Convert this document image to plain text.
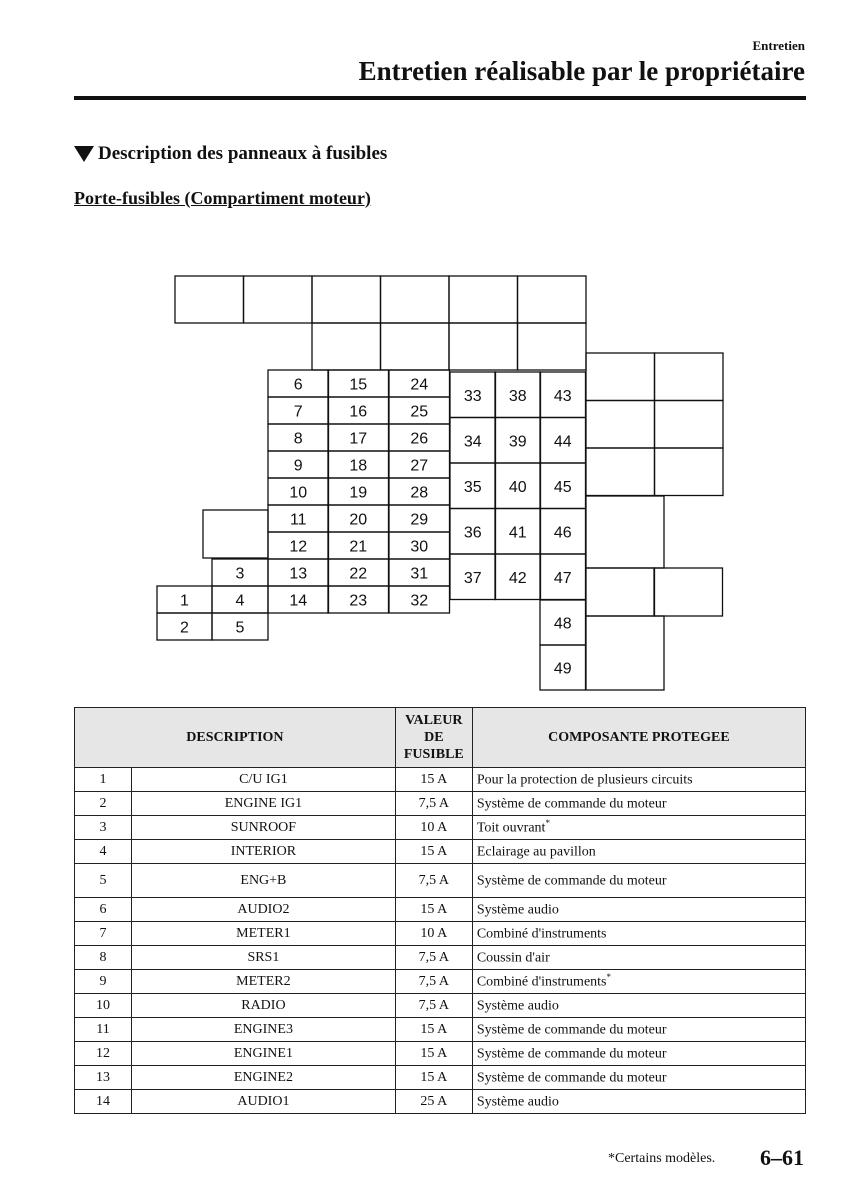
Entretien
Entretien réalisable par le propriétaire
Description des panneaux à fusibles
Porte-fusibles (Compartiment moteur)
6	15	24
7	16	25
8	17	26
9	18	27
10	19	28
11	20	29
12	21	30
13	22	31
14	23	32
33 38 43
34 39 44
35 40 45
36 41 46
37 42 47
48
49
1
2
3
4
5
DESCRIPTION		VALEUR
DE
FUSIBLE	COMPOSANTE PROTEGEE
1	C/U IG1	15 A	Pour la protection de plusieurs circuits
2	ENGINE IG1	7,5 A	Système de commande du moteur
3	SUNROOF	10 A	Toit ouvrant*
4	INTERIOR	15 A	Eclairage au pavillon
5	ENG+B	7,5 A	Système de commande du moteur
6	AUDIO2	15 A	Système audio
7	METER1	10 A	Combiné d'instruments
8	SRS1	7,5 A	Coussin d'air
9	METER2	7,5 A	Combiné d'instruments*
10	RADIO	7,5 A	Système audio
11	ENGINE3	15 A	Système de commande du moteur
12	ENGINE1	15 A	Système de commande du moteur
13	ENGINE2	15 A	Système de commande du moteur
14	AUDIO1	25 A	Système audio
*Certains modèles. 6–61
